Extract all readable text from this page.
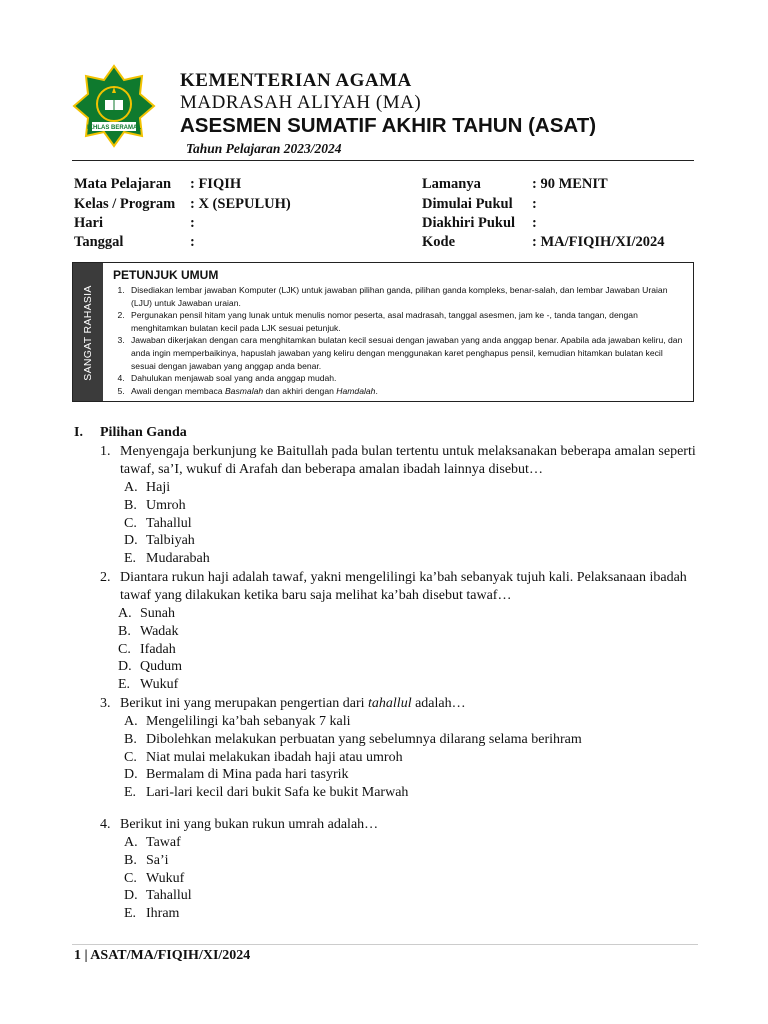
IKHLAS BERAMAL
KEMENTERIAN AGAMA
MADRASAH ALIYAH (MA)
ASESMEN SUMATIF AKHIR TAHUN (ASAT)
Tahun Pelajaran 2023/2024
Mata Pelajaran : FIQIH
Kelas / Program : X (SEPULUH)
Hari	:
Tanggal	:
Lamanya	: 90 MENIT
Dimulai Pukul :
Diakhiri Pukul :
Kode	: MA/FIQIH/XI/2024
SANGAT RAHASIA
PETUNJUK UMUM
1. Disediakan lembar jawaban Komputer (LJK) untuk jawaban pilihan ganda, pilihan ganda kompleks, benar-salah, dan lembar Jawaban Uraian (LJU) untuk Jawaban uraian.
2. Pergunakan pensil hitam yang lunak untuk menulis nomor peserta, asal madrasah, tanggal asesmen, jam ke -, tanda tangan, dengan menghitamkan bulatan kecil pada LJK sesuai petunjuk.
3. Jawaban dikerjakan dengan cara menghitamkan bulatan kecil sesuai dengan jawaban yang anda anggap benar. Apabila ada jawaban keliru, dan anda ingin memperbaikinya, hapuslah jawaban yang keliru dengan menggunakan karet penghapus pensil, kemudian hitamkan bulatan kecil sesuai dengan jawaban yang anggap anda benar.
4. Dahulukan menjawab soal yang anda anggap mudah.
5. Awali dengan membaca Basmalah dan akhiri dengan Hamdalah.
I. Pilihan Ganda
1. Menyengaja berkunjung ke Baitullah pada bulan tertentu untuk melaksanakan beberapa amalan seperti tawaf, sa’I, wukuf di Arafah dan beberapa amalan ibadah lainnya disebut…
A. Haji
B. Umroh
C. Tahallul
D. Talbiyah
E. Mudarabah
2. Diantara rukun haji adalah tawaf, yakni mengelilingi ka’bah sebanyak tujuh kali. Pelaksanaan ibadah tawaf yang dilakukan ketika baru saja melihat ka’bah disebut tawaf…
A. Sunah
B. Wadak
C. Ifadah
D. Qudum
E. Wukuf
3. Berikut ini yang merupakan pengertian dari tahallul adalah…
A. Mengelilingi ka’bah sebanyak 7 kali
B. Dibolehkan melakukan perbuatan yang sebelumnya dilarang selama berihram
C. Niat mulai melakukan ibadah haji atau umroh
D. Bermalam di Mina pada hari tasyrik
E. Lari-lari kecil dari bukit Safa ke bukit Marwah
4. Berikut ini yang bukan rukun umrah adalah…
A. Tawaf
B. Sa’i
C. Wukuf
D. Tahallul
E. Ihram
1 | ASAT/MA/FIQIH/XI/2024
